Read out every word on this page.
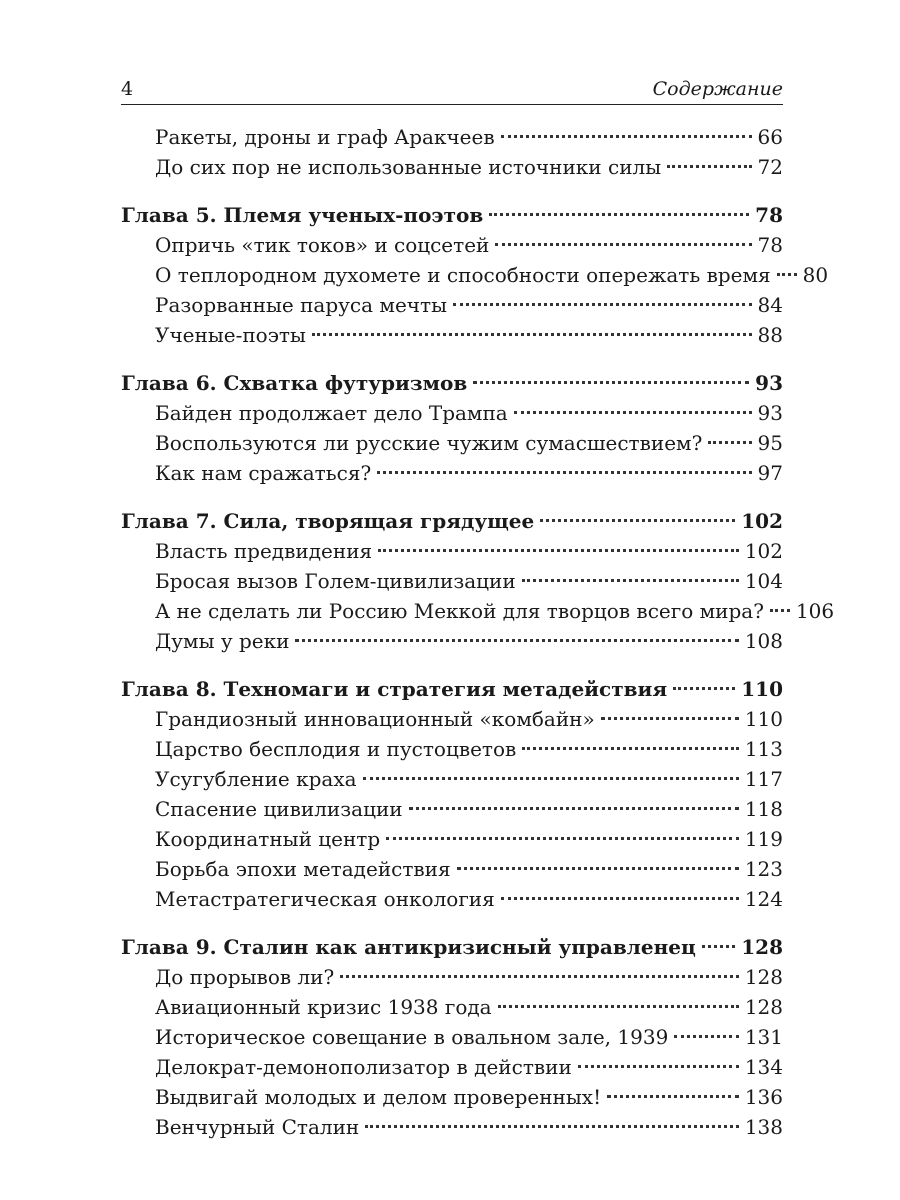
4	Содержание
Ракеты, дроны и граф Аракчеев	66
До сих пор не использованные источники силы	72
Глава 5. Племя ученых-поэтов	78
Опричь «тик токов» и соцсетей	78
О теплородном духомете и способности опережать время 80
Разорванные паруса мечты	84
Ученые-поэты	88
Глава 6. Схватка футуризмов	93
Байден продолжает дело Трампа	93
Воспользуются ли русские чужим сумасшествием?	95
Как нам сражаться?	97
Глава 7. Сила, творящая грядущее	102
Власть предвидения	102
Бросая вызов Голем-цивилизации	104
А не сделать ли Россию Меккой для творцов всего мира? 106
Думы у реки	108
Глава 8. Техномаги и стратегия метадействия	110
Грандиозный инновационный «комбайн»	110
Царство бесплодия и пустоцветов	113
Усугубление краха	117
Спасение цивилизации	118
Координатный центр	119
Борьба эпохи метадействия	123
Метастратегическая онкология	124
Глава 9. Сталин как антикризисный управленец 128
До прорывов ли?	128
Авиационный кризис 1938 года	128
Историческое совещание в овальном зале, 1939	131
Делократ-демонополизатор в действии	134
Выдвигай молодых и делом проверенных!	136
Венчурный Сталин	138
